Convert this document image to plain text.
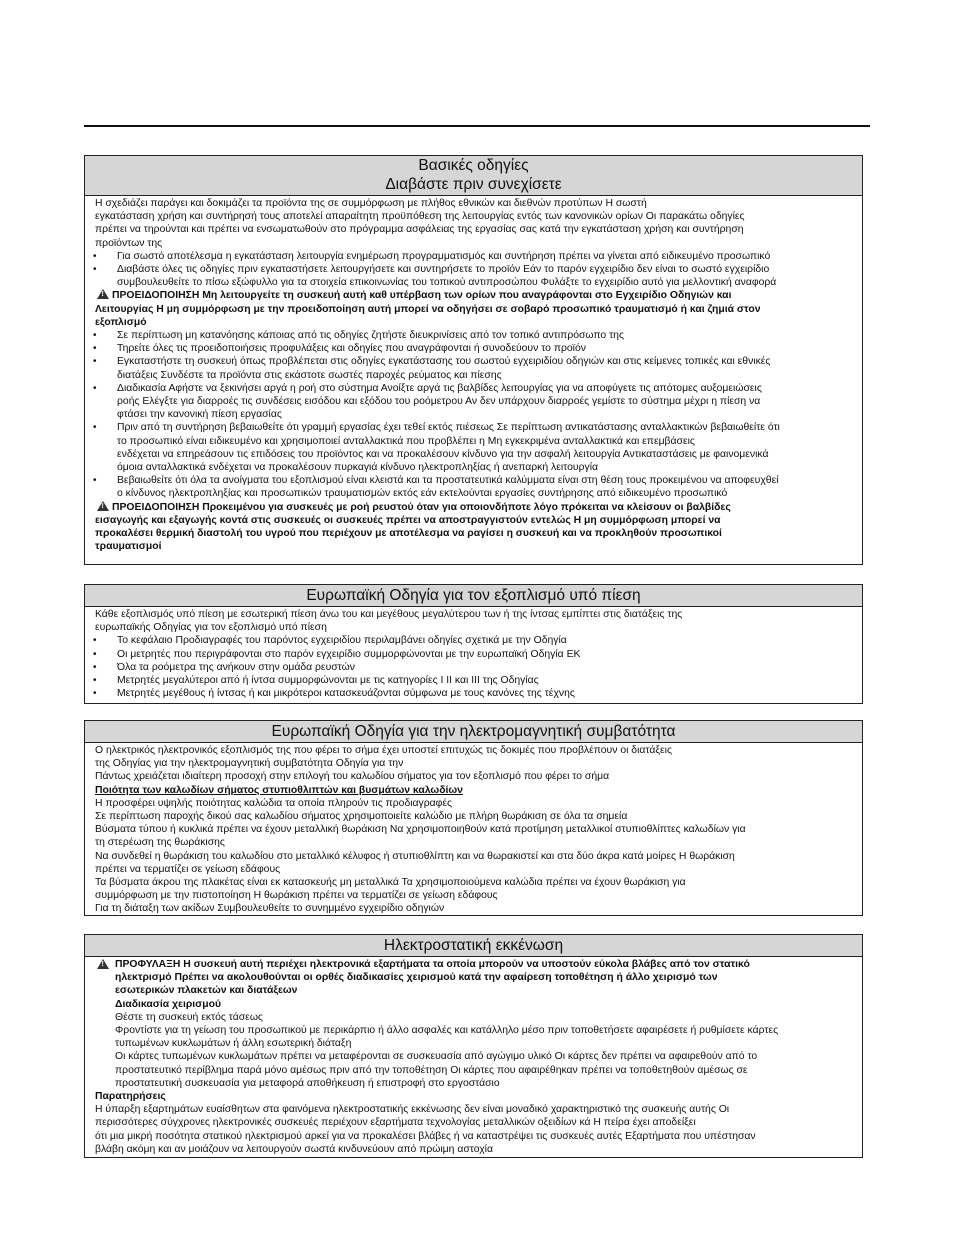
Βασικές οδηγίες
Διαβάστε πριν συνεχίσετε

Η σχεδιάζει παράγει και δοκιμάζει τα προϊόντα της σε συμμόρφωση με πλήθος εθνικών και διεθνών προτύπων Η σωστή

εγκατάσταση χρήση και συντήρησή τους αποτελεί απαραίτητη προϋπόθεση της λειτουργίας εντός των κανονικών ορίων Οι παρακάτω οδηγίες

πρέπει να τηρούνται και πρέπει να ενσωματωθούν στο πρόγραμμα ασφάλειας της εργασίας σας κατά την εγκατάσταση χρήση και συντήρηση

προϊόντων της

• Για σωστό αποτέλεσμα η εγκατάσταση λειτουργία ενημέρωση προγραμματισμός και συντήρηση πρέπει να γίνεται από ειδικευμένο προσωπικό

• Διαβάστε όλες τις οδηγίες πριν εγκαταστήσετε λειτουργήσετε και συντηρήσετε το προϊόν Εάν το παρόν εγχειρίδιο δεν είναι το σωστό εγχειρίδιο

συμβουλευθείτε το πίσω εξώφυλλο για τα στοιχεία επικοινωνίας του τοπικού αντιπροσώπου Φυλάξτε το εγχειρίδιο αυτό για μελλοντική αναφορά

!ΠΡΟΕΙΔΟΠΟΙΗΣΗ Μη λειτουργείτε τη συσκευή αυτή καθ υπέρβαση των ορίων που αναγράφονται στο Εγχειρίδιο Οδηγιών και

Λειτουργίας Η μη συμμόρφωση με την προειδοποίηση αυτή μπορεί να οδηγήσει σε σοβαρό προσωπικό τραυματισμό ή και ζημιά στον

εξοπλισμό

• Σε περίπτωση μη κατανόησης κάποιας από τις οδηγίες ζητήστε διευκρινίσεις από τον τοπικό αντιπρόσωπο της

• Τηρείτε όλες τις προειδοποιήσεις προφυλάξεις και οδηγίες που αναγράφονται ή συνοδεύουν το προϊόν

• Εγκαταστήστε τη συσκευή όπως προβλέπεται στις οδηγίες εγκατάστασης του σωστού εγχειριδίου οδηγιών και στις κείμενες τοπικές και εθνικές

διατάξεις Συνδέστε τα προϊόντα στις εκάστοτε σωστές παροχές ρεύματος και πίεσης

• Διαδικασία Αφήστε να ξεκινήσει αργά η ροή στο σύστημα Ανοίξτε αργά τις βαλβίδες λειτουργίας για να αποφύγετε τις απότομες αυξομειώσεις

ροής Ελέγξτε για διαρροές τις συνδέσεις εισόδου και εξόδου του ροόμετρου Αν δεν υπάρχουν διαρροές γεμίστε το σύστημα μέχρι η πίεση να

φτάσει την κανονική πίεση εργασίας

• Πριν από τη συντήρηση βεβαιωθείτε ότι γραμμή εργασίας έχει τεθεί εκτός πιέσεως Σε περίπτωση αντικατάστασης ανταλλακτικών βεβαιωθείτε ότι

το προσωπικό είναι ειδικευμένο και χρησιμοποιεί ανταλλακτικά που προβλέπει η Μη εγκεκριμένα ανταλλακτικά και επεμβάσεις

ενδέχεται να επηρεάσουν τις επιδόσεις του προϊόντος και να προκαλέσουν κίνδυνο για την ασφαλή λειτουργία Αντικαταστάσεις με φαινομενικά

όμοια ανταλλακτικά ενδέχεται να προκαλέσουν πυρκαγιά κίνδυνο ηλεκτροπληξίας ή ανεπαρκή λειτουργία

• Βεβαιωθείτε ότι όλα τα ανοίγματα του εξοπλισμού είναι κλειστά και τα προστατευτικά καλύμματα είναι στη θέση τους προκειμένου να αποφευχθεί

ο κίνδυνος ηλεκτροπληξίας και προσωπικών τραυματισμών εκτός εάν εκτελούνται εργασίες συντήρησης από ειδικευμένο προσωπικό

!ΠΡΟΕΙΔΟΠΟΙΗΣΗ Προκειμένου για συσκευές με ροή ρευστού όταν για οποιονδήποτε λόγο πρόκειται να κλείσουν οι βαλβίδες

εισαγωγής και εξαγωγής κοντά στις συσκευές οι συσκευές πρέπει να αποστραγγιστούν εντελώς Η μη συμμόρφωση μπορεί να

προκαλέσει θερμική διαστολή του υγρού που περιέχουν με αποτέλεσμα να ραγίσει η συσκευή και να προκληθούν προσωπικοί

τραυματισμοί

Ευρωπαϊκή Οδηγία για τον εξοπλισμό υπό πίεση

Κάθε εξοπλισμός υπό πίεση με εσωτερική πίεση άνω του και μεγέθους μεγαλύτερου των ή της ίντσας εμπίπτει στις διατάξεις της

ευρωπαϊκής Οδηγίας για τον εξοπλισμό υπό πίεση

• Το κεφάλαιο Προδιαγραφές του παρόντος εγχειριδίου περιλαμβάνει οδηγίες σχετικά με την Οδηγία
• Οι μετρητές που περιγράφονται στο παρόν εγχειρίδιο συμμορφώνονται με την ευρωπαϊκή Οδηγία ΕΚ
• Όλα τα ροόμετρα της ανήκουν στην ομάδα ρευστών
• Μετρητές μεγαλύτεροι από ή ίντσα συμμορφώνονται με τις κατηγορίες I II και III της Οδηγίας
• Μετρητές μεγέθους ή ίντσας ή και μικρότεροι κατασκευάζονται σύμφωνα με τους κανόνες της τέχνης
Ευρωπαϊκή Οδηγία για την ηλεκτρομαγνητική συμβατότητα

Ο ηλεκτρικός ηλεκτρονικός εξοπλισμός της που φέρει το σήμα έχει υποστεί επιτυχώς τις δοκιμές που προβλέπουν οι διατάξεις

της Οδηγίας για την ηλεκτρομαγνητική συμβατότητα Οδηγία για την

Πάντως χρειάζεται ιδιαίτερη προσοχή στην επιλογή του καλωδίου σήματος για τον εξοπλισμό που φέρει το σήμα

Ποιότητα των καλωδίων σήματος στυπιοθλιπτών και βυσμάτων καλωδίων

Η προσφέρει υψηλής ποιότητας καλώδια τα οποία πληρούν τις προδιαγραφές

Σε περίπτωση παροχής δικού σας καλωδίου σήματος χρησιμοποιείτε καλώδιο με πλήρη θωράκιση σε όλα τα σημεία

Βύσματα τύπου ή κυκλικά πρέπει να έχουν μεταλλική θωράκιση Να χρησιμοποιηθούν κατά προτίμηση μεταλλικοί στυπιοθλίπτες καλωδίων για

τη στερέωση της θωράκισης

Να συνδεθεί η θωράκιση του καλωδίου στο μεταλλικό κέλυφος ή στυπιοθλίπτη και να θωρακιστεί και στα δύο άκρα κατά μοίρες Η θωράκιση

πρέπει να τερματίζει σε γείωση εδάφους

Τα βύσματα άκρου της πλακέτας είναι εκ κατασκευής μη μεταλλικά Τα χρησιμοποιούμενα καλώδια πρέπει να έχουν θωράκιση για

συμμόρφωση με την πιστοποίηση Η θωράκιση πρέπει να τερματίζει σε γείωση εδάφους

Για τη διάταξη των ακίδων Συμβουλευθείτε το συνημμένο εγχειρίδιο οδηγιών

Ηλεκτροστατική εκκένωση
!

ΠΡΟΦΥΛΑΞΗ Η συσκευή αυτή περιέχει ηλεκτρονικά εξαρτήματα τα οποία μπορούν να υποστούν εύκολα βλάβες από τον στατικό

ηλεκτρισμό Πρέπει να ακολουθούνται οι ορθές διαδικασίες χειρισμού κατά την αφαίρεση τοποθέτηση ή άλλο χειρισμό των

εσωτερικών πλακετών και διατάξεων

Διαδικασία χειρισμού

Θέστε τη συσκευή εκτός τάσεως

Φροντίστε για τη γείωση του προσωπικού με περικάρπιο ή άλλο ασφαλές και κατάλληλο μέσο πριν τοποθετήσετε αφαιρέσετε ή ρυθμίσετε κάρτες

τυπωμένων κυκλωμάτων ή άλλη εσωτερική διάταξη

Οι κάρτες τυπωμένων κυκλωμάτων πρέπει να μεταφέρονται σε συσκευασία από αγώγιμο υλικό Οι κάρτες δεν πρέπει να αφαιρεθούν από το

προστατευτικό περίβλημα παρά μόνο αμέσως πριν από την τοποθέτηση Οι κάρτες που αφαιρέθηκαν πρέπει να τοποθετηθούν αμέσως σε

προστατευτική συσκευασία για μεταφορά αποθήκευση ή επιστροφή στο εργοστάσιο

Παρατηρήσεις

Η ύπαρξη εξαρτημάτων ευαίσθητων στα φαινόμενα ηλεκτροστατικής εκκένωσης δεν είναι μοναδικό χαρακτηριστικό της συσκευής αυτής Οι

περισσότερες σύγχρονες ηλεκτρονικές συσκευές περιέχουν εξαρτήματα τεχνολογίας μεταλλικών οξειδίων κά Η πείρα έχει αποδείξει

ότι μια μικρή ποσότητα στατικού ηλεκτρισμού αρκεί για να προκαλέσει βλάβες ή να καταστρέψει τις συσκευές αυτές Εξαρτήματα που υπέστησαν

βλάβη ακόμη και αν μοιάζουν να λειτουργούν σωστά κινδυνεύουν από πρώιμη αστοχία
